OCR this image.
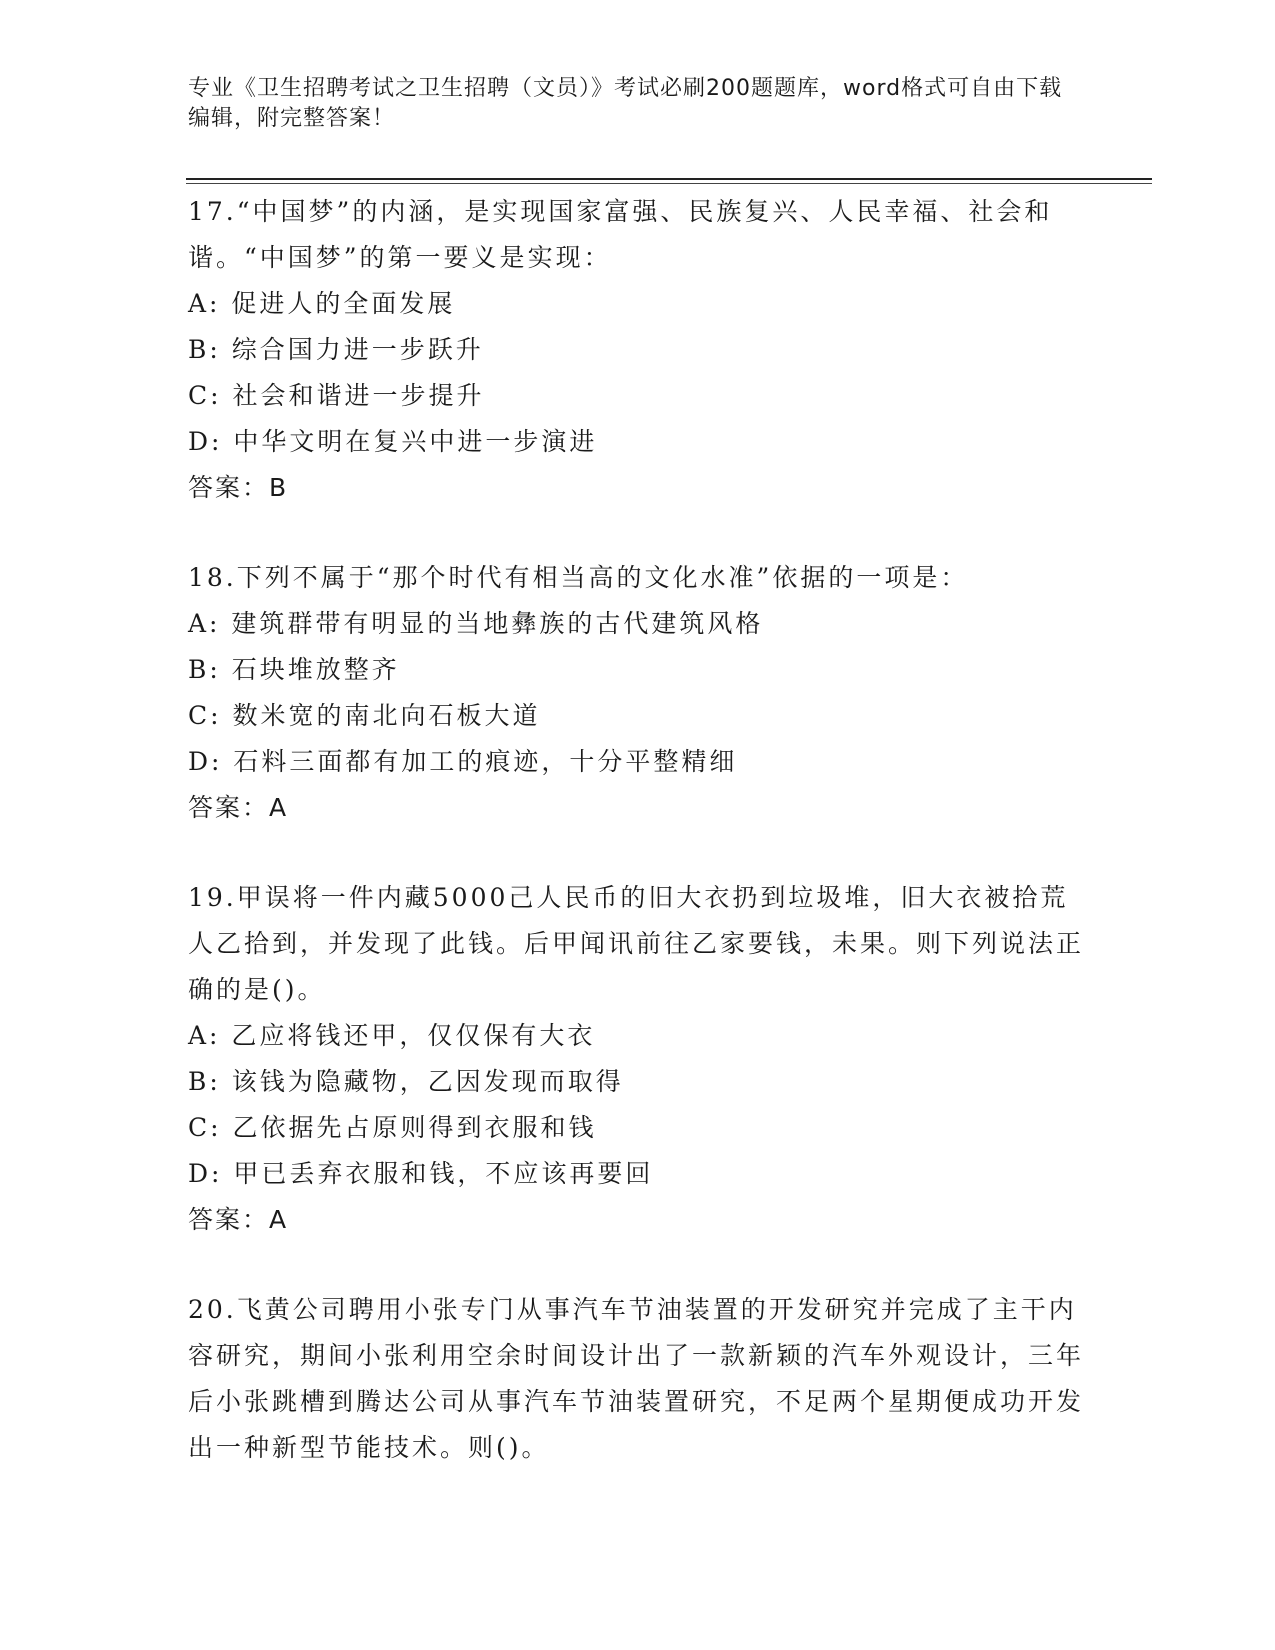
专业《卫生招聘考试之卫生招聘（文员）》考试必刷200题题库，word格式可自由下载编辑，附完整答案！

17.“中国梦”的内涵，是实现国家富强、民族复兴、人民幸福、社会和谐。“中国梦”的第一要义是实现：

A: 促进人的全面发展

B: 综合国力进一步跃升

C: 社会和谐进一步提升

D: 中华文明在复兴中进一步演进

答案：B

18.下列不属于“那个时代有相当高的文化水准”依据的一项是：

A: 建筑群带有明显的当地彝族的古代建筑风格

B: 石块堆放整齐

C: 数米宽的南北向石板大道

D: 石料三面都有加工的痕迹，十分平整精细

答案：A

19.甲误将一件内藏5000己人民币的旧大衣扔到垃圾堆，旧大衣被拾荒人乙拾到，并发现了此钱。后甲闻讯前往乙家要钱，未果。则下列说法正确的是()。

A: 乙应将钱还甲，仅仅保有大衣

B: 该钱为隐藏物，乙因发现而取得

C: 乙依据先占原则得到衣服和钱

D: 甲已丢弃衣服和钱，不应该再要回

答案：A

20.飞黄公司聘用小张专门从事汽车节油装置的开发研究并完成了主干内容研究，期间小张利用空余时间设计出了一款新颖的汽车外观设计，三年后小张跳槽到腾达公司从事汽车节油装置研究，不足两个星期便成功开发出一种新型节能技术。则()。
